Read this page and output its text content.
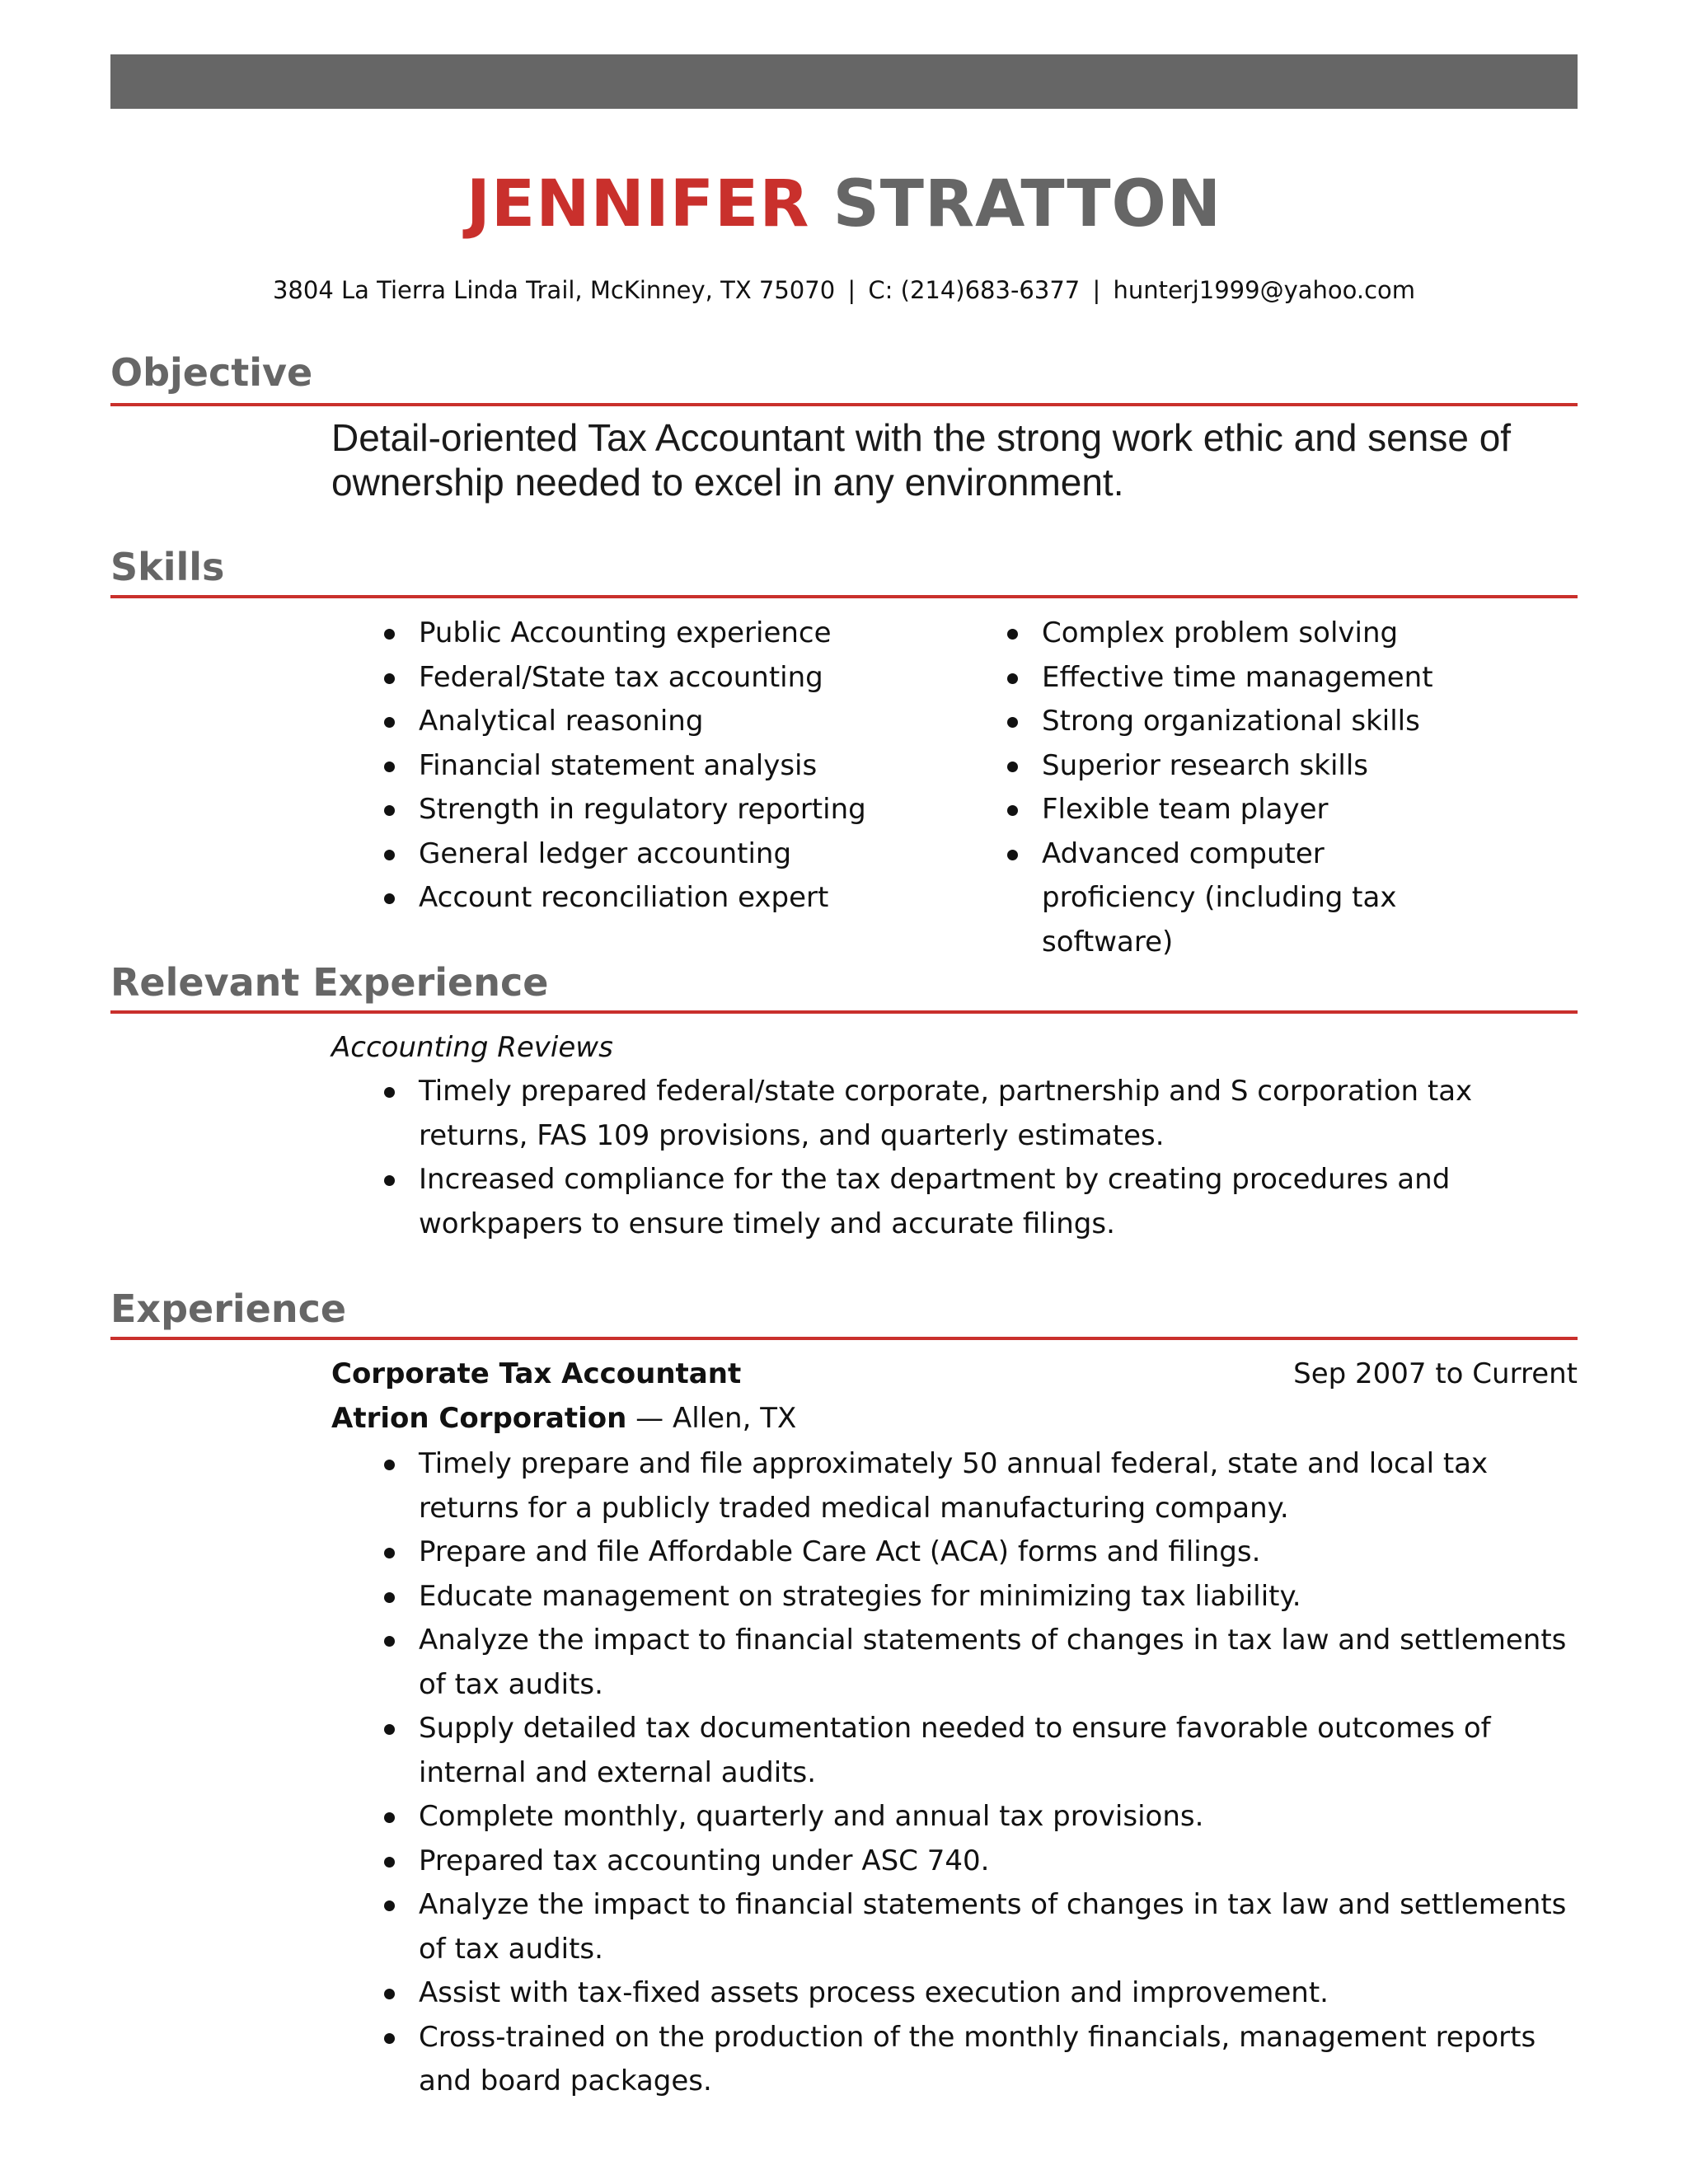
JENNIFER STRATTON
3804 La Tierra Linda Trail, McKinney, TX 75070 | C: (214)683-6377 | hunterj1999@yahoo.com
Objective
Detail-oriented Tax Accountant with the strong work ethic and sense of ownership needed to excel in any environment.
Skills
Public Accounting experience
Federal/State tax accounting
Analytical reasoning
Financial statement analysis
Strength in regulatory reporting
General ledger accounting
Account reconciliation expert
Complex problem solving
Effective time management
Strong organizational skills
Superior research skills
Flexible team player
Advanced computer proficiency (including tax software)
Relevant Experience
Accounting Reviews
Timely prepared federal/state corporate, partnership and S corporation tax returns, FAS 109 provisions, and quarterly estimates.
Increased compliance for the tax department by creating procedures and workpapers to ensure timely and accurate filings.
Experience
Corporate Tax Accountant	Sep 2007 to Current
Atrion Corporation — Allen, TX
Timely prepare and file approximately 50 annual federal, state and local tax returns for a publicly traded medical manufacturing company.
Prepare and file Affordable Care Act (ACA) forms and filings.
Educate management on strategies for minimizing tax liability.
Analyze the impact to financial statements of changes in tax law and settlements of tax audits.
Supply detailed tax documentation needed to ensure favorable outcomes of internal and external audits.
Complete monthly, quarterly and annual tax provisions.
Prepared tax accounting under ASC 740.
Analyze the impact to financial statements of changes in tax law and settlements of tax audits.
Assist with tax-fixed assets process execution and improvement.
Cross-trained on the production of the monthly financials, management reports and board packages.
